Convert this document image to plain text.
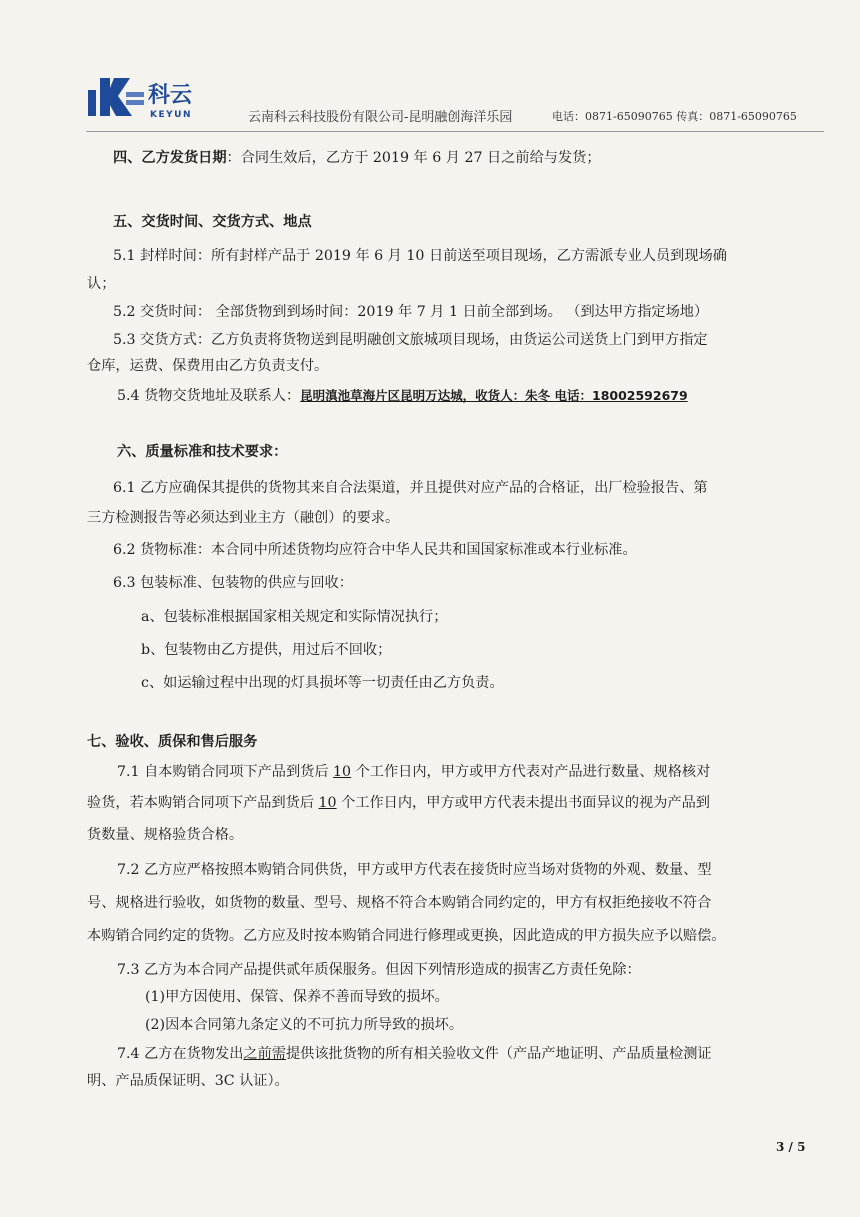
科云
KEYUN	云南科云科技股份有限公司-昆明融创海洋乐园	电话：0871-65090765 传真：0871-65090765
四、乙方发货日期：合同生效后，乙方于 2019 年 6 月 27 日之前给与发货；
五、交货时间、交货方式、地点
5.1 封样时间：所有封样产品于 2019 年 6 月 10 日前送至项目现场，乙方需派专业人员到现场确
认；
5.2 交货时间： 全部货物到到场时间：2019 年 7 月 1 日前全部到场。 （到达甲方指定场地）
5.3 交货方式：乙方负责将货物送到昆明融创文旅城项目现场，由货运公司送货上门到甲方指定
仓库，运费、保费用由乙方负责支付。
5.4 货物交货地址及联系人：昆明滇池草海片区昆明万达城，收货人：朱冬 电话：18002592679
六、质量标准和技术要求：
6.1 乙方应确保其提供的货物其来自合法渠道，并且提供对应产品的合格证，出厂检验报告、第
三方检测报告等必须达到业主方（融创）的要求。
6.2 货物标准：本合同中所述货物均应符合中华人民共和国国家标准或本行业标准。
6.3 包装标准、包装物的供应与回收：
a、包装标准根据国家相关规定和实际情况执行；
b、包装物由乙方提供，用过后不回收；
c、如运输过程中出现的灯具损坏等一切责任由乙方负责。
七、验收、质保和售后服务
7.1 自本购销合同项下产品到货后 10 个工作日内，甲方或甲方代表对产品进行数量、规格核对
验货，若本购销合同项下产品到货后 10 个工作日内，甲方或甲方代表未提出书面异议的视为产品到
货数量、规格验货合格。
7.2 乙方应严格按照本购销合同供货，甲方或甲方代表在接货时应当场对货物的外观、数量、型
号、规格进行验收，如货物的数量、型号、规格不符合本购销合同约定的，甲方有权拒绝接收不符合
本购销合同约定的货物。乙方应及时按本购销合同进行修理或更换，因此造成的甲方损失应予以赔偿。
7.3 乙方为本合同产品提供贰年质保服务。但因下列情形造成的损害乙方责任免除：
(1)甲方因使用、保管、保养不善而导致的损坏。
(2)因本合同第九条定义的不可抗力所导致的损坏。
7.4 乙方在货物发出之前需提供该批货物的所有相关验收文件（产品产地证明、产品质量检测证
明、产品质保证明、3C 认证）。
3 / 5
